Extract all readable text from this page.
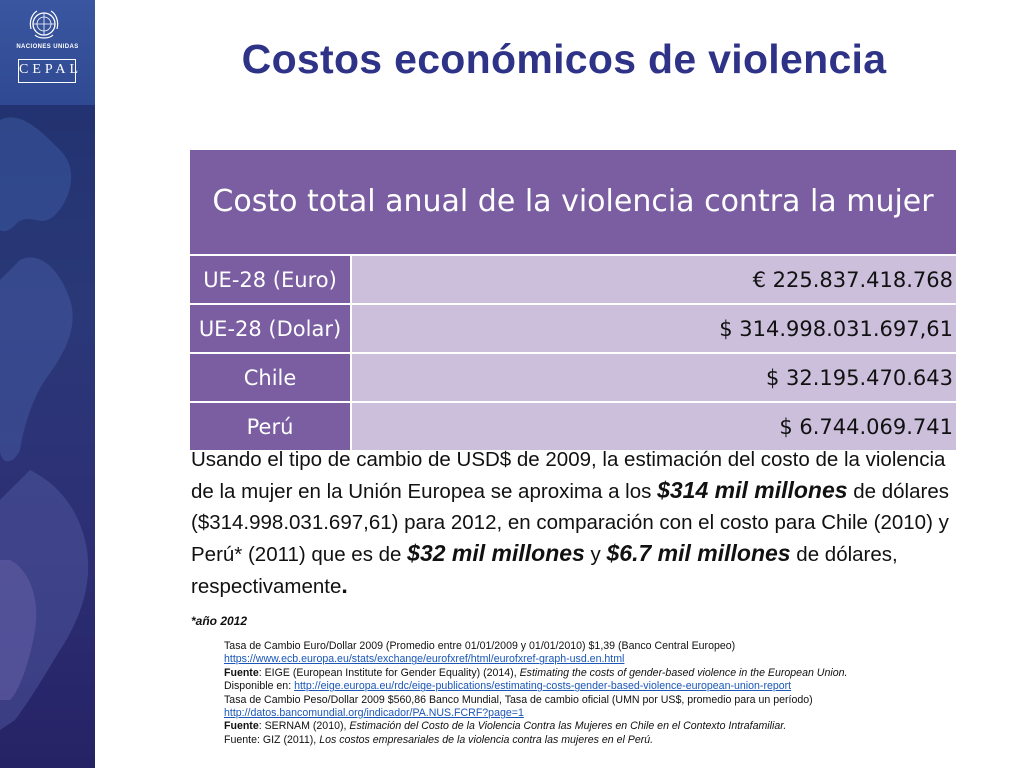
NACIONES UNIDAS
CEPAL	Costos económicos de violencia
Costo total anual de la violencia contra la mujer	
UE-28 (Euro)	€ 225.837.418.768
UE-28 (Dolar)	$ 314.998.031.697,61
Chile	$ 32.195.470.643
Perú	$ 6.744.069.741
Usando el tipo de cambio de USD$ de 2009, la estimación del costo de la violencia de la mujer en la Unión Europea se aproxima a los $314 mil millones de dólares ($314.998.031.697,61) para 2012, en comparación con el costo para Chile (2010) y Perú* (2011) que es de $32 mil millones y $6.7 mil millones de dólares, respectivamente.
*año 2012
Tasa de Cambio Euro/Dollar 2009 (Promedio entre 01/01/2009 y 01/01/2010) $1,39 (Banco Central Europeo)
https://www.ecb.europa.eu/stats/exchange/eurofxref/html/eurofxref-graph-usd.en.html
Fuente: EIGE (European Institute for Gender Equality) (2014), Estimating the costs of gender-based violence in the European Union.
Disponible en: http://eige.europa.eu/rdc/eige-publications/estimating-costs-gender-based-violence-european-union-report
Tasa de Cambio Peso/Dollar 2009 $560,86 Banco Mundial, Tasa de cambio oficial (UMN por US$, promedio para un período)
http://datos.bancomundial.org/indicador/PA.NUS.FCRF?page=1
Fuente: SERNAM (2010), Estimación del Costo de la Violencia Contra las Mujeres en Chile en el Contexto Intrafamiliar.
Fuente: GIZ (2011), Los costos empresariales de la violencia contra las mujeres en el Perú.
